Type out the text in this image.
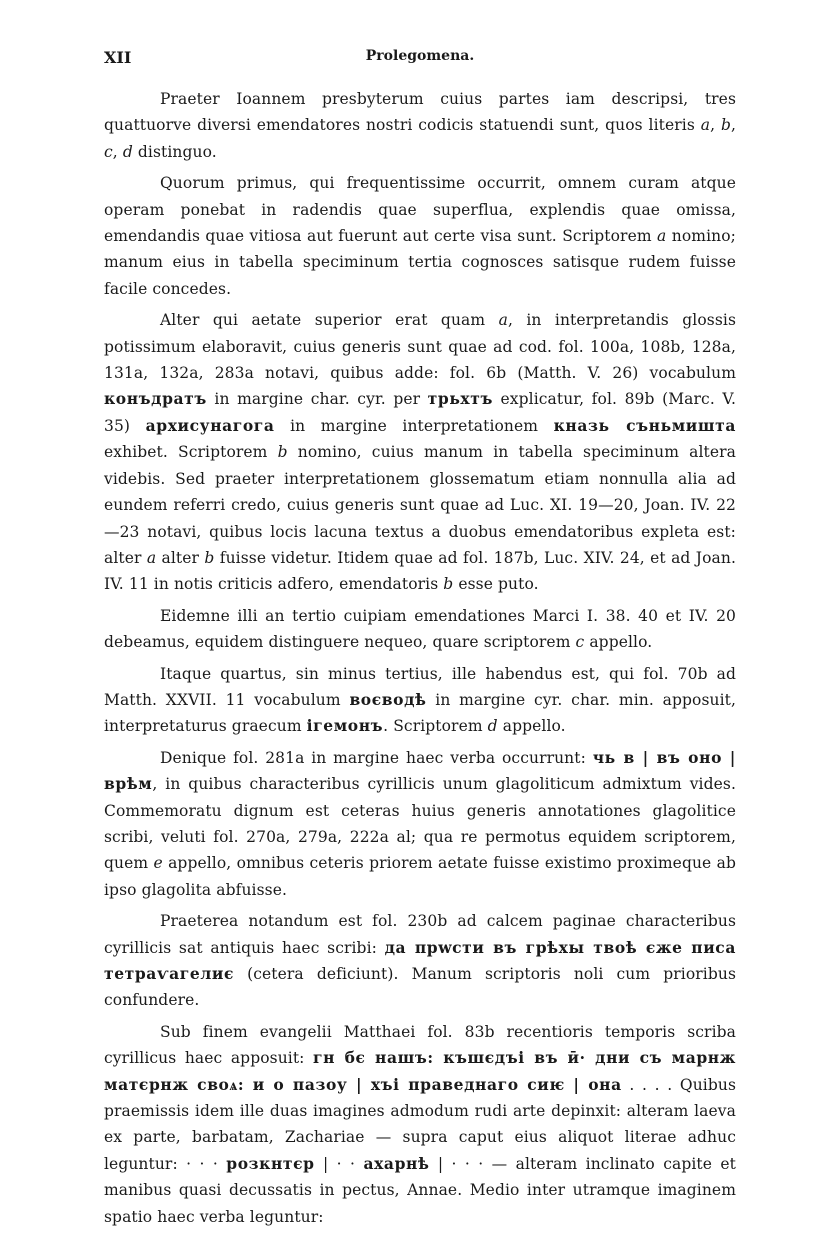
XII	Prolegomena.

Praeter Ioannem presbyterum cuius partes iam descripsi, tres quattuorve diversi emendatores nostri codicis statuendi sunt, quos literis a, b, c, d distinguo.

Quorum primus, qui frequentissime occurrit, omnem curam atque operam ponebat in radendis quae superflua, explendis quae omissa, emendandis quae vitiosa aut fuerunt aut certe visa sunt. Scriptorem a nomino; manum eius in tabella speciminum tertia cognosces satisque rudem fuisse facile concedes.

Alter qui aetate superior erat quam a, in interpretandis glossis potissimum elaboravit, cuius generis sunt quae ad cod. fol. 100a, 108b, 128a, 131a, 132a, 283a notavi, quibus adde: fol. 6b (Matth. V. 26) vocabulum конъдратъ in margine char. cyr. per трьхтъ explicatur, fol. 89b (Marc. V. 35) архисунагога in margine interpretationem кназь съньмишта exhibet. Scriptorem b nomino, cuius manum in tabella speciminum altera videbis. Sed praeter interpretationem glossematum etiam nonnulla alia ad eundem referri credo, cuius generis sunt quae ad Luc. XI. 19—20, Joan. IV. 22—23 notavi, quibus locis lacuna textus a duobus emendatoribus expleta est: alter a alter b fuisse videtur. Itidem quae ad fol. 187b, Luc. XIV. 24, et ad Joan. IV. 11 in notis criticis adfero, emendatoris b esse puto.

Eidemne illi an tertio cuipiam emendationes Marci I. 38. 40 et IV. 20 debeamus, equidem distinguere nequeo, quare scriptorem c appello.

Itaque quartus, sin minus tertius, ille habendus est, qui fol. 70b ad Matth. XXVII. 11 vocabulum воєводѣ in margine cyr. char. min. apposuit, interpretaturus graecum ігемонъ. Scriptorem d appello.

Denique fol. 281a in margine haec verba occurrunt: чь в | въ оно | врѣм, in quibus characteribus cyrillicis unum glagoliticum admixtum vides. Commemoratu dignum est ceteras huius generis annotationes glagolitice scribi, veluti fol. 270a, 279a, 222a al; qua re permotus equidem scriptorem, quem e appello, omnibus ceteris priorem aetate fuisse existimo proximeque ab ipso glagolita abfuisse.

Praeterea notandum est fol. 230b ad calcem paginae characteribus cyrillicis sat antiquis haec scribi: да прwсти въ грѣхы твоѣ єже писа тетраѵагелиє (cetera deficiunt). Manum scriptoris noli cum prioribus confundere.

Sub finem evangelii Matthaei fol. 83b recentioris temporis scriba cyrillicus haec apposuit: гн бє нашъ: къшєдъі въ ӣ· дни съ марнж матєрнж своѧ: и о пазоу | хъі праведнаго сиѥ | она . . . . Quibus praemissis idem ille duas imagines admodum rudi arte depinxit: alteram laeva ex parte, barbatam, Zachariae — supra caput eius aliquot literae adhuc leguntur: · · · розкнтєр | · · ахарнѣ | · · · — alteram inclinato capite et manibus quasi decussatis in pectus, Annae. Medio inter utramque imaginem spatio haec verba leguntur:
